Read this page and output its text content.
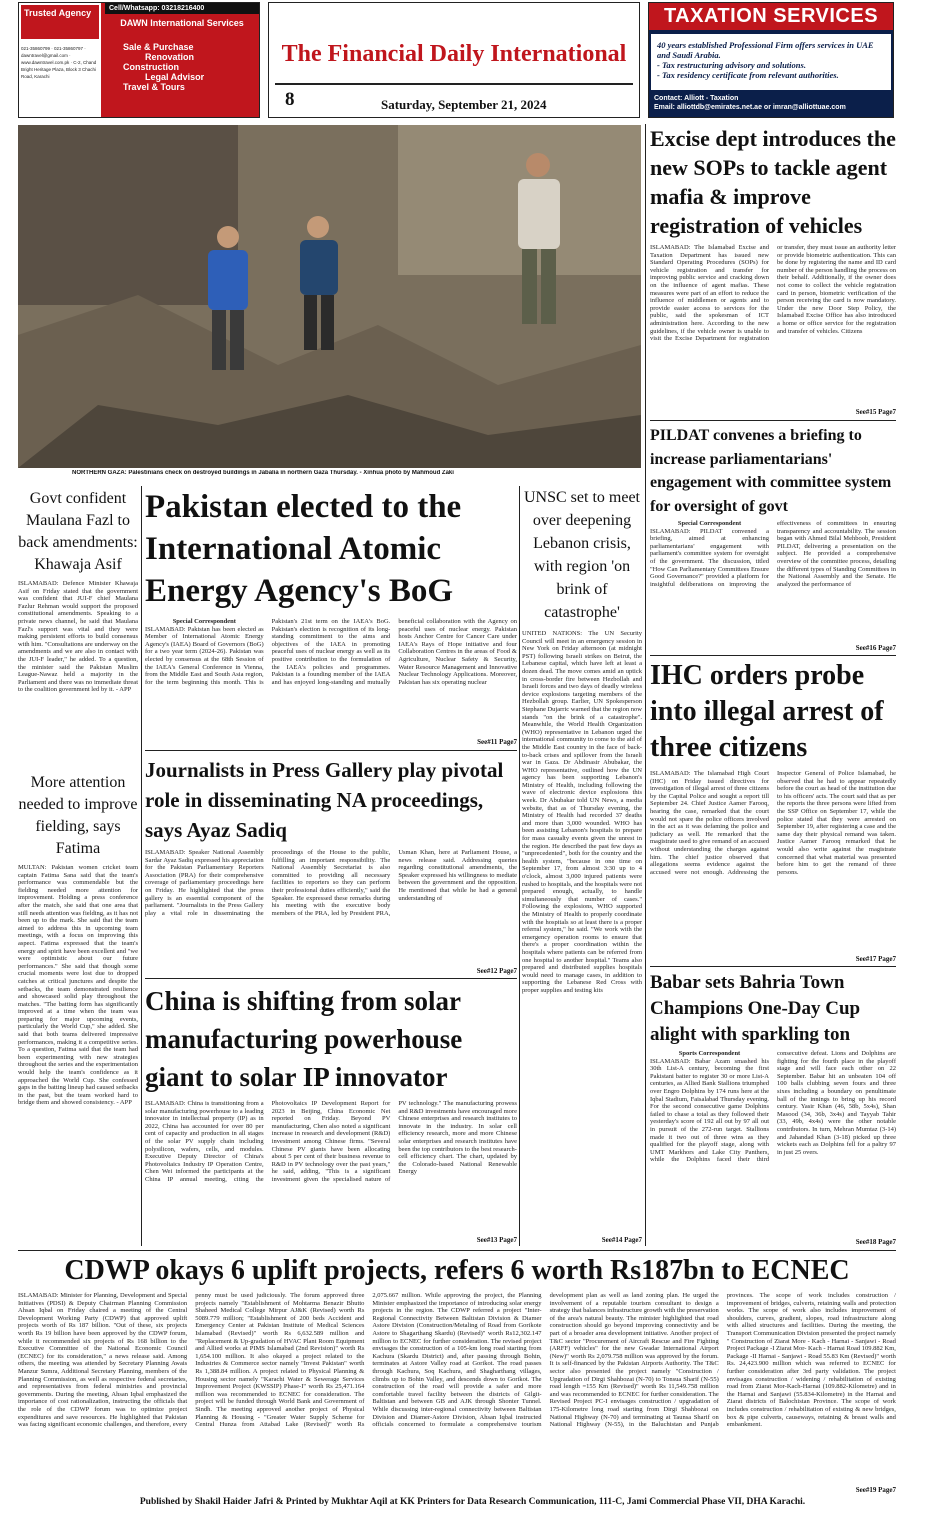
Trusted Agency
021-35860799 · 021-35860797 · dawntravel@gmail.com · www.dawntravel.com.pk · C-2, Chand Bright Heritage Plaza, Block 3 Chachi Road, Karachi
Cell/Whatsapp: 03218216400
DAWN International Services
Sale & Purchase
Renovation
Construction
Legal Advisor
Travel & Tours
The Financial Daily International
8	Saturday, September 21, 2024
TAXATION SERVICES
40 years established Professional Firm offers services in UAE and Saudi Arabia.
- Tax restructuring advisory and solutions.
- Tax residency certificate from relevant authorities.
Contact: Alliott - Taxation
Email: alliottdb@emirates.net.ae or imran@alliottuae.com
NORTHERN GAZA: Palestinians check on destroyed buildings in Jabalia in northern Gaza Thursday. - Xinhua photo by Mahmoud Zaki
Excise dept introduces the new SOPs to tackle agent mafia & improve registration of vehicles
ISLAMABAD: The Islamabad Excise and Taxation Department has issued new Standard Operating Procedures (SOPs) for vehicle registration and transfer for improving public service and cracking down on the influence of agent mafias. These measures were part of an effort to reduce the influence of middlemen or agents and to provide easier access to services for the public, said the spokesman of ICT administration here. According to the new guidelines, if the vehicle owner is unable to visit the Excise Department for registration or transfer, they must issue an authority letter or provide biometric authentication. This can be done by registering the name and ID card number of the person handling the process on their behalf. Additionally, if the owner does not come to collect the vehicle registration card in person, biometric verification of the person receiving the card is now mandatory. Under the new Door Step Policy, the Islamabad Excise Office has also introduced a home or office service for the registration and transfer of vehicles. Citizens
See#15 Page7
PILDAT convenes a briefing to increase parliamentarians' engagement with committee system for oversight of govt
Special Correspondent
ISLAMABAD: PILDAT convened a briefing, aimed at enhancing parliamentarians' engagement with parliament's committee system for oversight of the government. The discussion, titled "How Can Parliamentary Committees Ensure Good Governance?" provided a platform for insightful deliberations on improving the effectiveness of committees in ensuring transparency and accountability. The session began with Ahmed Bilal Mehboob, President PILDAT, delivering a presentation on the subject. He provided a comprehensive overview of the committee process, detailing the different types of Standing Committees in the National Assembly and the Senate. He analyzed the performance of
See#16 Page7
IHC orders probe into illegal arrest of three citizens
ISLAMABAD: The Islamabad High Court (IHC) on Friday issued directives for investigation of illegal arrest of three citizens by the Capital Police and sought a report till September 24. Chief Justice Aamer Farooq, hearing the case, remarked that the court would not spare the police officers involved in the act as it was defaming the police and judiciary as well. He remarked that the magistrate used to give remand of an accused without understanding the charges against him. The chief justice observed that allegations seems evidence against the accused were not enough. Addressing the Inspector General of Police Islamabad, he observed that he had to appear repeatedly before the court as head of the institution due to his officers' acts. The court said that as per the reports the three persons were lifted from the SSP Office on September 17, while the police stated that they were arrested on September 19, after registering a case and the same day their physical remand was taken. Justice Aamer Farooq remarked that he would also write against the magistrate concerned that what material was presented before him to get the remand of three persons.
See#17 Page7
Babar sets Bahria Town Champions One-Day Cup alight with sparkling ton
Sports Correspondent
ISLAMABAD: Babar Azam smashed his 30th List-A century, becoming the first Pakistani batter to register 30 or more List-A centuries, as Allied Bank Stallions triumphed over Engro Dolphins by 174 runs here at the Iqbal Stadium, Faisalabad Thursday evening. For the second consecutive game Dolphins failed to chase a total as they followed their yesterday's score of 192 all out by 97 all out in pursuit of the 272-run target. Stallions made it two out of three wins as they qualified for the playoff stage, along with UMT Markhors and Lake City Panthers, while the Dolphins faced their third consecutive defeat. Lions and Dolphins are fighting for the fourth place in the playoff stage and will face each other on 22 September. Babar hit an unbeaten 104 off 100 balls clubbing seven fours and three sixes including a boundary on penultimate ball of the innings to bring up his record century. Yasir Khan (46, 58b, 5x4s), Shan Masood (34, 36b, 3x4s) and Tayyab Tahir (33, 49b, 4x4s) were the other notable contributors. In turn, Mehran Mumtaz (3-14) and Jahandad Khan (3-18) picked up three wickets each as Dolphins fell for a paltry 97 in just 25 overs.
See#18 Page7
Govt confident Maulana Fazl to back amendments: Khawaja Asif
ISLAMABAD: Defence Minister Khawaja Asif on Friday stated that the government was confident that JUI-F chief Maulana Fazlur Rehman would support the proposed constitutional amendments. Speaking to a private news channel, he said that Maulana Fazl's support was vital and they were making persistent efforts to build consensus with him. "Consultations are underway on the amendments and we are also in contact with the JUI-F leader," he added. To a question, the minister said the Pakistan Muslim League-Nawaz held a majority in the Parliament and there was no immediate threat to the coalition government led by it. - APP
More attention needed to improve fielding, says Fatima
MULTAN: Pakistan women cricket team captain Fatima Sana said that the team's performance was commendable but the fielding needed more attention for improvement. Holding a press conference after the match, she said that one area that still needs attention was fielding, as it has not been up to the mark. She said that the team aimed to address this in upcoming team meetings, with a focus on improving this aspect. Fatima expressed that the team's energy and spirit have been excellent and "we were optimistic about our future performances." She said that though some crucial moments were lost due to dropped catches at critical junctures and despite the setbacks, the team demonstrated resilience and showcased solid play throughout the matches. "The batting form has significantly improved at a time when the team was preparing for major upcoming events, particularly the World Cup," she added. She said that both teams delivered impressive performances, making it a competitive series. To a question, Fatima said that the team had been experimenting with new strategies throughout the series and the experimentation would help the team's confidence as it approached the World Cup. She confessed gaps in the batting lineup had caused setbacks in the past, but the team worked hard to bridge them and showed consistency. - APP
Pakistan elected to the International Atomic Energy Agency's BoG
Special Correspondent
ISLAMABAD: Pakistan has been elected as Member of International Atomic Energy Agency's (IAEA) Board of Governors (BoG) for a two year term (2024-26). Pakistan was elected by consensus at the 68th Session of the IAEA's General Conference in Vienna, from the Middle East and South Asia region, for the term beginning this month. This is Pakistan's 21st term on the IAEA's BoG. Pakistan's election is recognition of its long-standing commitment to the aims and objectives of the IAEA in promoting peaceful uses of nuclear energy as well as its positive contribution to the formulation of the IAEA's policies and programmes. Pakistan is a founding member of the IAEA and has enjoyed long-standing and mutually beneficial collaboration with the Agency on peaceful uses of nuclear energy. Pakistan hosts Anchor Centre for Cancer Care under IAEA's Rays of Hope initiative and four Collaboration Centres in the areas of Food & Agriculture, Nuclear Safety & Security, Water Resource Management and Innovative Nuclear Technology Applications. Moreover, Pakistan has six operating nuclear
See#11 Page7
Journalists in Press Gallery play pivotal role in disseminating NA proceedings, says Ayaz Sadiq
ISLAMABAD: Speaker National Assembly Sardar Ayaz Sadiq expressed his appreciation for the Pakistan Parliamentary Reporters Association (PRA) for their comprehensive coverage of parliamentary proceedings here on Friday. He highlighted that the press gallery is an essential component of the parliament. "Journalists in the Press Gallery play a vital role in disseminating the proceedings of the House to the public, fulfilling an important responsibility. The National Assembly Secretariat is also committed to providing all necessary facilities to reporters so they can perform their professional duties efficiently," said the Speaker. He expressed these remarks during his meeting with the executive body members of the PRA, led by President PRA, Usman Khan, here at Parliament House, a news release said. Addressing queries regarding constitutional amendments, the Speaker expressed his willingness to mediate between the government and the opposition. He mentioned that while he had a general understanding of
See#12 Page7
China is shifting from solar manufacturing powerhouse giant to solar IP innovator
ISLAMABAD: China is transitioning from a solar manufacturing powerhouse to a leading innovator in intellectual property (IP) as in 2022, China has accounted for over 80 per cent of capacity and production in all stages of the solar PV supply chain including polysilicon, wafers, cells, and modules. Executive Deputy Director of China's Photovoltaics Industry IP Operation Centre, Chen Wei informed the participants at the China IP annual meeting, citing the Photovoltaics IP Development Report for 2023 in Beijing, China Economic Net reported on Friday. Beyond PV manufacturing, Chen also noted a significant increase in research and development (R&D) investment among Chinese firms. "Several Chinese PV giants have been allocating about 5 per cent of their business revenue to R&D in PV technology over the past years," he said, adding, "This is a significant investment given the specialised nature of PV technology." The manufacturing prowess and R&D investments have encouraged more Chinese enterprises and research institutes to innovate in the industry. In solar cell efficiency research, more and more Chinese solar enterprises and research institutes have been the top contributors to the best research-cell efficiency chart. The chart, updated by the Colorado-based National Renewable Energy
See#13 Page7
UNSC set to meet over deepening Lebanon crisis, with region 'on brink of catastrophe'
UNITED NATIONS: The UN Security Council will meet in an emergency session in New York on Friday afternoon (at midnight PST) following Israeli strikes on Beirut, the Lebanese capital, which have left at least a dozen dead. The move comes amid an uptick in cross-border fire between Hezbollah and Israeli forces and two days of deadly wireless device explosions targeting members of the Hezbollah group. Earlier, UN Spokesperson Stephane Dujarric warned that the region now stands "on the brink of a catastrophe". Meanwhile, the World Health Organization (WHO) representative in Lebanon urged the international community to come to the aid of the Middle East country in the face of back-to-back crises and spillover from the Israeli war in Gaza. Dr Abdinasir Abubakar, the WHO representative, outlined how the UN agency has been supporting Lebanon's Ministry of Health, including following the wave of electronic device explosions this week. Dr Abubakar told UN News, a media website, that as of Thursday evening, the Ministry of Health had recorded 37 deaths and more than 3,000 wounded. WHO has been assisting Lebanon's hospitals to prepare for mass casualty events given the unrest in the region. He described the past few days as "unprecedented", both for the country and the health system, "because in one time on September 17, from almost 3:30 up to 4 o'clock, almost 3,000 injured patients were rushed to hospitals, and the hospitals were not prepared enough, actually, to handle simultaneously that number of cases." Following the explosions, WHO supported the Ministry of Health to properly coordinate with the hospitals so at least there is a proper referral system," he said. "We work with the emergency operation rooms to ensure that there's a proper coordination within the hospitals where patients can be referred from one hospital to another hospital." Teams also prepared and distributed supplies hospitals would need to manage cases, in addition to supporting the Lebanese Red Cross with proper supplies and testing kits
See#14 Page7
CDWP okays 6 uplift projects, refers 6 worth Rs187bn to ECNEC
ISLAMABAD: Minister for Planning, Development and Special Initiatives (PDSI) & Deputy Chairman Planning Commission Ahsan Iqbal on Friday chaired a meeting of the Central Development Working Party (CDWP) that approved uplift projects worth of Rs 187 billion. "Out of these, six projects worth Rs 19 billion have been approved by the CDWP forum, while it recommended six projects of Rs 168 billion to the Executive Committee of the National Economic Council (ECNEC) for its consideration," a news release said. Among others, the meeting was attended by Secretary Planning Awais Manzur Sumra, Additional Secretary Planning, members of the Planning Commission, as well as respective federal secretaries, and representatives from federal ministries and provincial governments. During the meeting, Ahsan Iqbal emphasized the importance of cost rationalization, instructing the officials that the role of the CDWP forum was to optimize project expenditures and save resources. He highlighted that Pakistan was facing significant economic challenges, and therefore, every penny must be used judiciously. The forum approved three projects namely "Establishment of Mohtarma Benazir Bhutto Shaheed Medical College Mirpur AJ&K (Revised) worth Rs 5089.779 million; "Establishment of 200 beds Accident and Emergency Center at Pakistan Institute of Medical Sciences Islamabad (Revised)" worth Rs 6,632.589 million and "Replacement & Up-gradation of HVAC Plant Room Equipment and Allied works at PIMS Islamabad (2nd Revision)" worth Rs 1,654.100 million. It also okayed a project related to the Industries & Commerce sector namely "Invest Pakistan" worth Rs 1,388.84 million. A project related to Physical Planning & Housing sector namely "Karachi Water & Sewerage Services Improvement Project (KWSSIP) Phase-I" worth Rs 25,471.164 million was recommended to ECNEC for consideration. The project will be funded through World Bank and Government of Sindh. The meeting approved another project of Physical Planning & Housing - "Greater Water Supply Scheme for Central Hunza from Attabad Lake (Revised)" worth Rs 2,075.667 million. While approving the project, the Planning Minister emphasized the importance of introducing solar energy projects in the region. The CDWP referred a project "Inter-Regional Connectivity Between Baltistan Division & Diamer Astore Division (Construction/Metaling of Road from Gorikote Astore to Shagarthang Skardu) (Revised)" worth Rs12,302.147 million to ECNEC for further consideration. The revised project envisages the construction of a 105-km long road starting from Kachura (Skardu District) and, after passing through Bohin, terminates at Astore Valley road at Gorikot. The road passes through Kachura, Soq Kachura, and Shagharthang villages, climbs up to Bohin Valley, and descends down to Gorikot. The construction of the road will provide a safer and more comfortable travel facility between the districts of Gilgit-Baltistan and between GB and AJK through Shonter Tunnel. While discussing inter-regional connectivity between Baltistan Division and Diamer-Astore Division, Ahsan Iqbal instructed officials concerned to formulate a comprehensive tourism development plan as well as land zoning plan. He urged the involvement of a reputable tourism consultant to design a strategy that balances infrastructure growth with the preservation of the area's natural beauty. The minister highlighted that road construction should go beyond improving connectivity and be part of a broader area development initiative. Another project of T&C sector "Procurement of Aircraft Rescue and Fire Fighting (ARFF) vehicles" for the new Gwadar International Airport (New)" worth Rs 2,079.758 million was approved by the forum. It is self-financed by the Pakistan Airports Authority. The T&C sector also presented the project namely "Construction / Upgradation of Dirgi Shahbozai (N-70) to Tonsua Sharif (N-55) road length =155 Km (Revised)" worth Rs 11,549.758 million and was recommended to ECNEC for further consideration. The Revised Project PC-I envisages construction / upgradation of 175-Kilometre long road starting from Dirgi Shahbozai on National Highway (N-70) and terminating at Taunsa Sharif on National Highway (N-55), in the Baluchistan and Punjab provinces. The scope of work includes construction / improvement of bridges, culverts, retaining walls and protection works. The scope of work also includes improvement of shoulders, curves, gradient, slopes, road infrastructure along with allied structures and facilities. During the meeting, the Transport Communication Division presented the project namely " Construction of Ziarat More - Kach - Harnai - Sanjawi - Road Project Package -I Ziarat Mor- Kach - Harnai Road 109.882 Km, Package -II Harnai - Sanjawi - Road 55.83 Km (Revised)" worth Rs. 24,423.900 million which was referred to ECNEC for further consideration after 3rd party validation. The project envisages construction / widening / rehabilitation of existing road from Ziarat Mor-Kach-Harnai (109.882-Kilometre) and in the Harnai and Sanjawi (55.834-Kilometre) in the Harnai and Ziarat districts of Balochistan Province. The scope of work includes construction / rehabilitation of existing & new bridges, box & pipe culverts, causeways, retaining & breast walls and embankment.
See#19 Page7
Published by Shakil Haider Jafri & Printed by Mukhtar Aqil at KK Printers for Data Research Communication, 111-C, Jami Commercial Phase VII, DHA Karachi.
